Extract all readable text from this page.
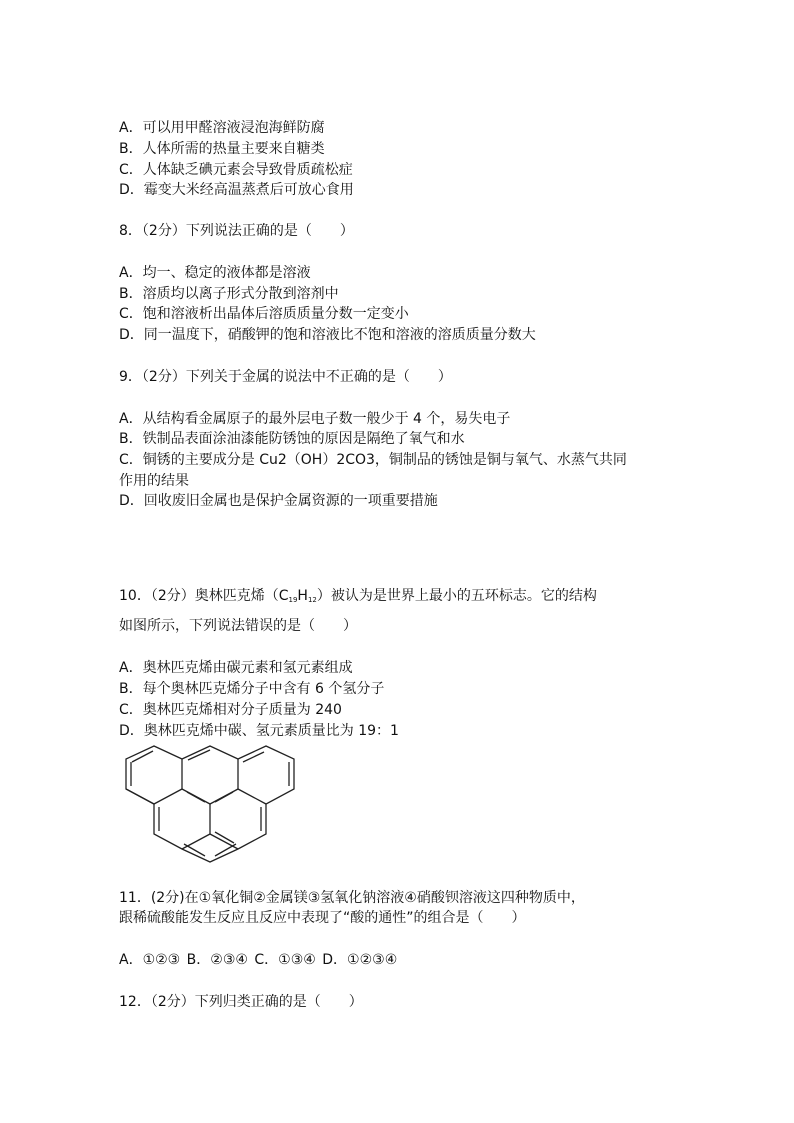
A．可以用甲醛溶液浸泡海鲜防腐
B．人体所需的热量主要来自糖类
C．人体缺乏碘元素会导致骨质疏松症
D．霉变大米经高温蒸煮后可放心食用
8．（2分）下列说法正确的是（　　）
A．均一、稳定的液体都是溶液
B．溶质均以离子形式分散到溶剂中
C．饱和溶液析出晶体后溶质质量分数一定变小
D．同一温度下，硝酸钾的饱和溶液比不饱和溶液的溶质质量分数大
9．（2分）下列关于金属的说法中不正确的是（　　）
A．从结构看金属原子的最外层电子数一般少于 4 个，易失电子
B．铁制品表面涂油漆能防锈蚀的原因是隔绝了氧气和水
C．铜锈的主要成分是 Cu2（OH）2CO3，铜制品的锈蚀是铜与氧气、水蒸气共同
作用的结果
D．回收废旧金属也是保护金属资源的一项重要措施
10．（2分）奥林匹克烯$(C_{19}H_{12})$被认为是世界上最小的五环标志。它的结构
如图所示，下列说法错误的是（　　）
A．奥林匹克烯由碳元素和氢元素组成
B．每个奥林匹克烯分子中含有 6 个氢分子
C．奥林匹克烯相对分子质量为 240
D．奥林匹克烯中碳、氢元素质量比为 19：1
11．(2分)在①氧化铜②金属镁③氢氧化钠溶液④硝酸钡溶液这四种物质中，
跟稀硫酸能发生反应且反应中表现了“酸的通性”的组合是（　　）
A．①②③ B．②③④ C．①③④ D．①②③④
12．（2分）下列归类正确的是（　　）
